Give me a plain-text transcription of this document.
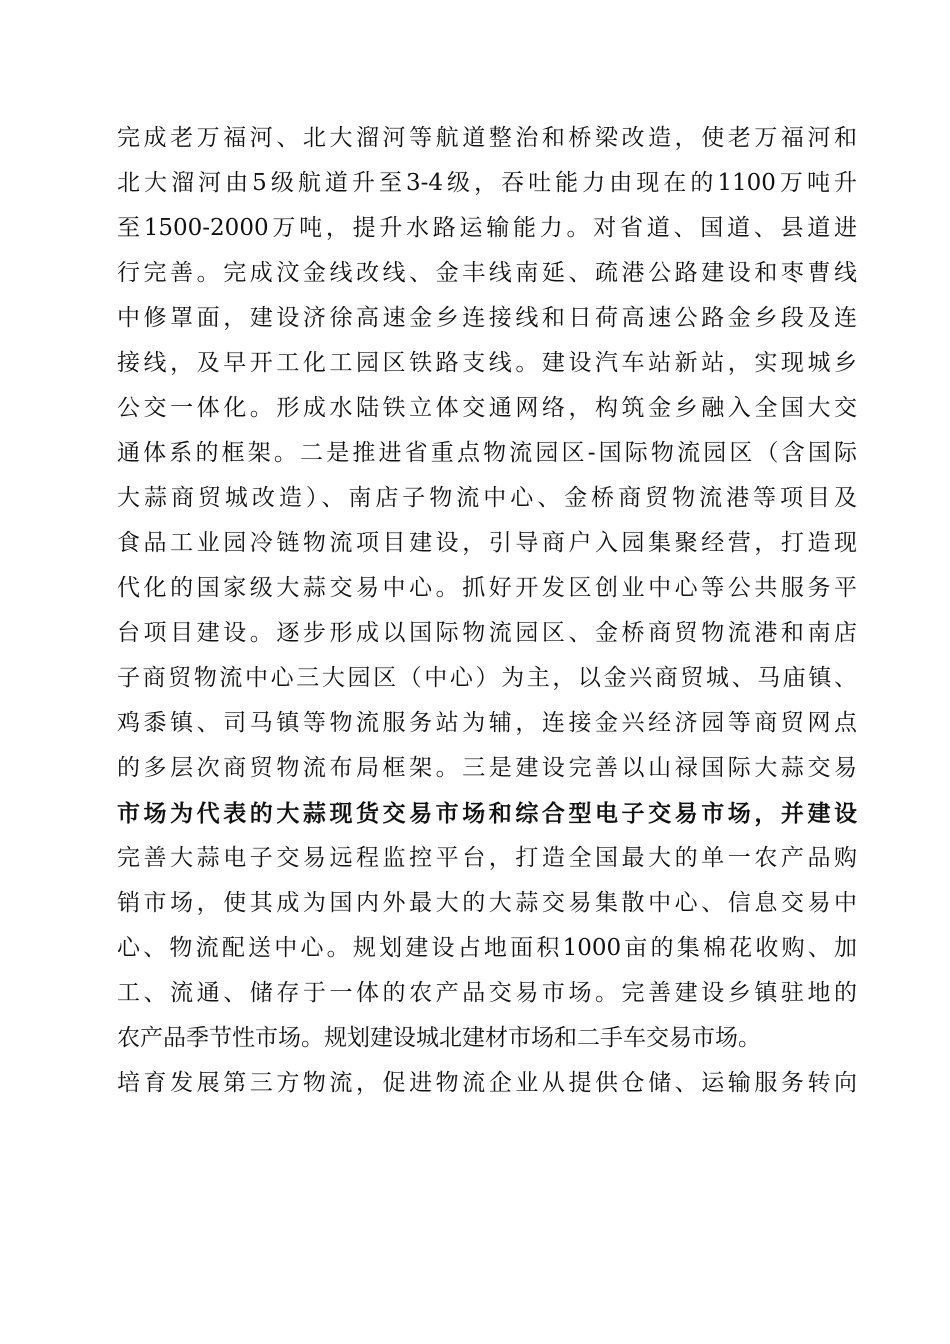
完成老万福河、北大溜河等航道整治和桥梁改造，使老万福河和
北大溜河由5级航道升至3-4级，吞吐能力由现在的1100万吨升
至1500-2000万吨，提升水路运输能力。对省道、国道、县道进
行完善。完成汶金线改线、金丰线南延、疏港公路建设和枣曹线
中修罩面，建设济徐高速金乡连接线和日荷高速公路金乡段及连
接线，及早开工化工园区铁路支线。建设汽车站新站，实现城乡
公交一体化。形成水陆铁立体交通网络，构筑金乡融入全国大交
通体系的框架。二是推进省重点物流园区-国际物流园区（含国际
大蒜商贸城改造）、南店子物流中心、金桥商贸物流港等项目及
食品工业园冷链物流项目建设，引导商户入园集聚经营，打造现
代化的国家级大蒜交易中心。抓好开发区创业中心等公共服务平
台项目建设。逐步形成以国际物流园区、金桥商贸物流港和南店
子商贸物流中心三大园区（中心）为主，以金兴商贸城、马庙镇、
鸡黍镇、司马镇等物流服务站为辅，连接金兴经济园等商贸网点
的多层次商贸物流布局框架。三是建设完善以山禄国际大蒜交易
市场为代表的大蒜现货交易市场和综合型电子交易市场，并建设
完善大蒜电子交易远程监控平台，打造全国最大的单一农产品购
销市场，使其成为国内外最大的大蒜交易集散中心、信息交易中
心、物流配送中心。规划建设占地面积1000亩的集棉花收购、加
工、流通、储存于一体的农产品交易市场。完善建设乡镇驻地的
农产品季节性市场。规划建设城北建材市场和二手车交易市场。
培育发展第三方物流，促进物流企业从提供仓储、运输服务转向
